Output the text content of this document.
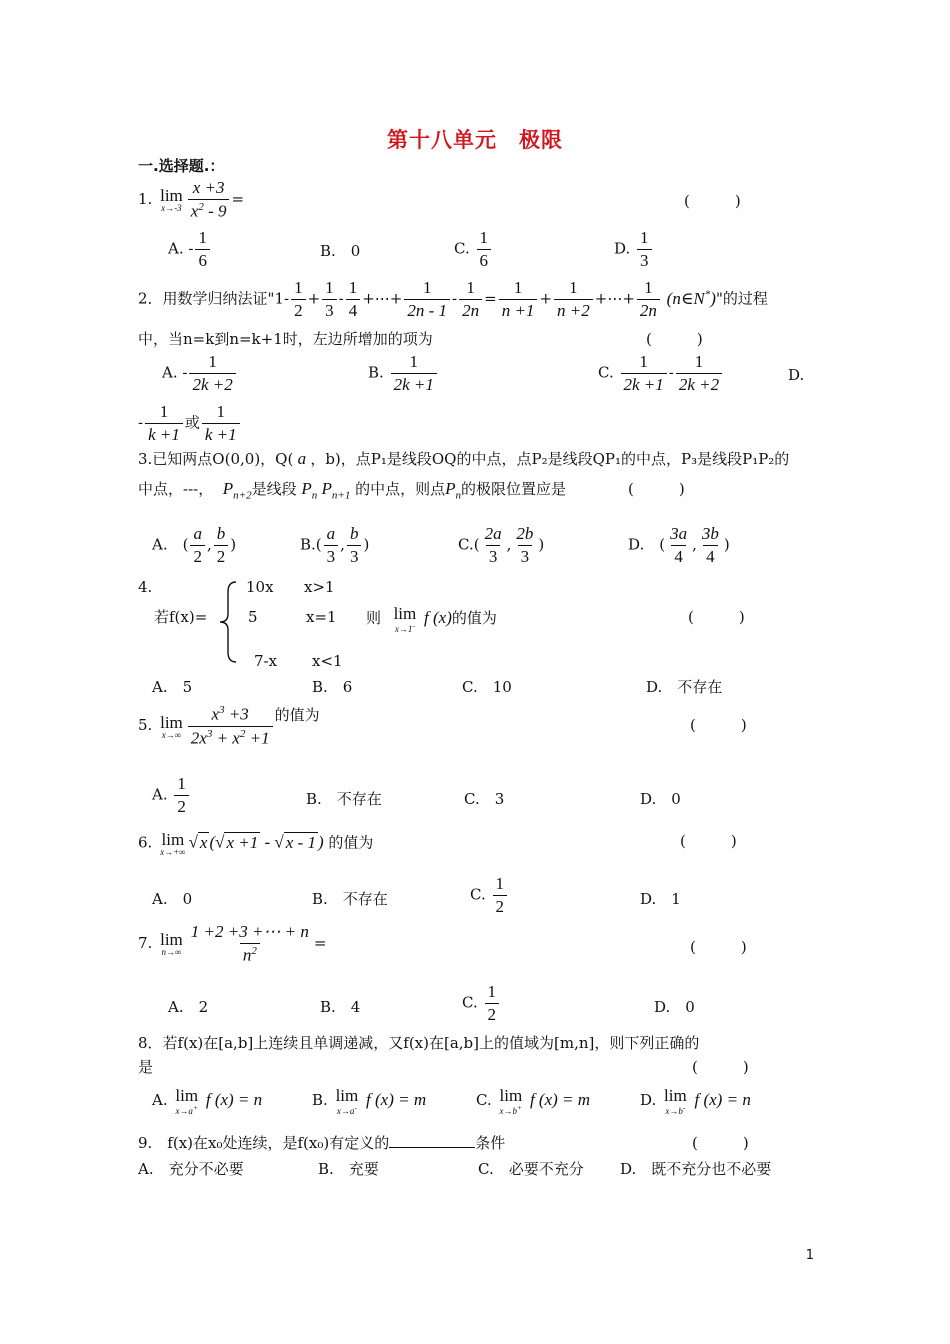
第十八单元　极限
一.选择题.：
1. lim
$x\to-3 \frac{x +3}{x^2 - 9}$ =	(　　　)
A. - $\frac{1}{6}$	B.　0	C. $\frac{1}{6}$	D. $\frac{1}{3}$
2．用数学归纳法证"$1- \frac{1}{2} + \frac{1}{3} - \frac{1}{4}$ +⋯+ $\frac{1}{2n - 1} - \frac{1}{2n} = \frac{1}{n +1} + \frac{1}{n +2}$ +⋯+ $\frac{1}{2n}$ (n∈N*)"的过程
中，当n=k到n=k+1时，左边所增加的项为	(　　　)
A. - $\frac{1}{2k +2}$	B. $\frac{1}{2k +1}$	C. $\frac{1}{2k +1} - \frac{1}{2k +2}$	D.
- $\frac{1}{k +1}$ 或 $\frac{1}{k +1}$
3.已知两点O(0,0)，Q( a ，b)，点P₁是线段OQ的中点，点P₂是线段QP₁的中点，P₃是线段P₁P₂的
中点，---， $P_{n+2}$是线段 $P_n$ $P_{n+1}$ 的中点，则点$P_n$的极限位置应是	(　　　)
A.　( $\frac{a}{2}$ , $\frac{b}{2}$ )	$B.( \frac{a}{3}$ , $\frac{b}{3}$ )	$C.( \frac{2a}{3}$ , $\frac{2b}{3}$ )	D.　( $\frac{3a}{4}$ , $\frac{3b}{4}$ )
4.
若f(x)=
10x x>1
5	x=1
7-x x<1
则 lim
x→1- f (x)的值为	(　　　)
A.　5	B.　6	C.　10	D.　不存在
5. lim
$x\to\infty \frac{x^3 +3}{2x^3 + x^2 +1}$ 的值为
(　　　)
A. $\frac{1}{2}$	B.　不存在	C.　3	D.　0
6. lim
x→+∞
√ x (√ x +1 - √ x - 1 ) 的值为	(　　　)
A.　0	B.　不存在	C. $\frac{1}{2}$	D.　1
7. lim
$n\to\infty \frac{1 +2 +3 +\cdots + n}{n^2}$ =	(　　　)
A.　2	B.　4	C. $\frac{1}{2}$	D.　0
8．若f(x)在[a,b]上连续且单调递减，又f(x)在[a,b]上的值域为[m,n]，则下列正确的
是	(　　　)
A. lim
x→a+ f (x) = n	B. lim
x→a- f (x) = m	C. lim
x→b+ f (x) = m	D. lim
x→b- f (x) = n
9.　f(x)在x₀处连续，是f(x₀)有定义的	条件	(　　　)
A.　充分不必要	B.　充要	C.　必要不充分 D.　既不充分也不必要
1
